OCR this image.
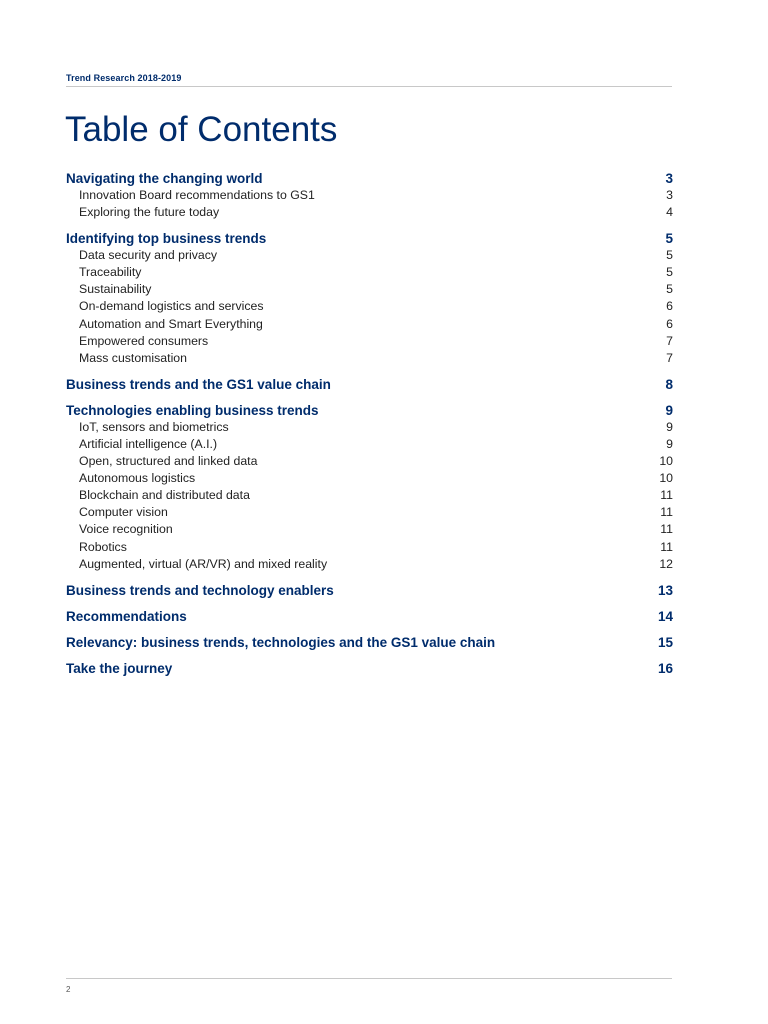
Trend Research 2018-2019
Table of Contents
Navigating the changing world	3
Innovation Board recommendations to GS1	3
Exploring the future today	4
Identifying top business trends	5
Data security and privacy	5
Traceability	5
Sustainability	5
On-demand logistics and services	6
Automation and Smart Everything	6
Empowered consumers	7
Mass customisation	7
Business trends and the GS1 value chain	8
Technologies enabling business trends	9
IoT, sensors and biometrics	9
Artificial intelligence (A.I.)	9
Open, structured and linked data	10
Autonomous logistics	10
Blockchain and distributed data	11
Computer vision	11
Voice recognition	11
Robotics	11
Augmented, virtual (AR/VR) and mixed reality	12
Business trends and technology enablers	13
Recommendations	14
Relevancy: business trends, technologies and the GS1 value chain	15
Take the journey	16
2
